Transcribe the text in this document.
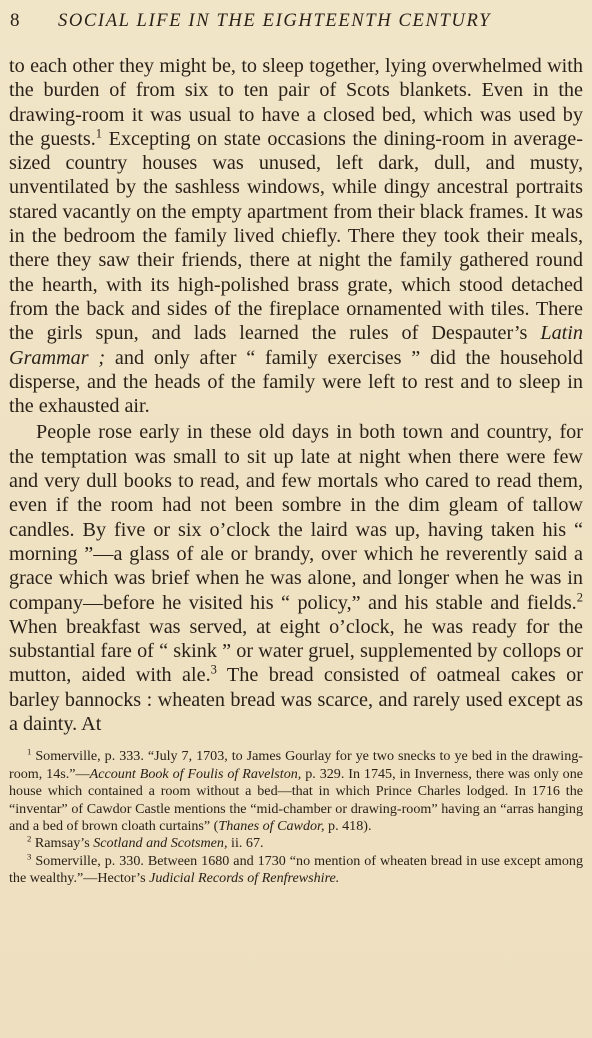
8 SOCIAL LIFE IN THE EIGHTEENTH CENTURY

to each other they might be, to sleep together, lying overwhelmed with the burden of from six to ten pair of Scots blankets. Even in the drawing-room it was usual to have a closed bed, which was used by the guests.$^1$ Excepting on state occasions the dining-room in average-sized country houses was unused, left dark, dull, and musty, unventilated by the sashless windows, while dingy ancestral portraits stared vacantly on the empty apartment from their black frames. It was in the bedroom the family lived chiefly. There they took their meals, there they saw their friends, there at night the family gathered round the hearth, with its high-polished brass grate, which stood detached from the back and sides of the fireplace ornamented with tiles. There the girls spun, and lads learned the rules of Despauter’s Latin Grammar ; and only after “ family exercises ” did the household disperse, and the heads of the family were left to rest and to sleep in the exhausted air.

People rose early in these old days in both town and country, for the temptation was small to sit up late at night when there were few and very dull books to read, and few mortals who cared to read them, even if the room had not been sombre in the dim gleam of tallow candles. By five or six o’clock the laird was up, having taken his “ morning ”—a glass of ale or brandy, over which he reverently said a grace which was brief when he was alone, and longer when he was in company—before he visited his “ policy,” and his stable and fields.$^2$ When breakfast was served, at eight o’clock, he was ready for the substantial fare of “ skink ” or water gruel, supplemented by collops or mutton, aided with ale.$^3$ The bread consisted of oatmeal cakes or barley bannocks : wheaten bread was scarce, and rarely used except as a dainty. At

$^1$ Somerville, p. 333. “July 7, 1703, to James Gourlay for ye two snecks to ye bed in the drawing-room, 14s.”—Account Book of Foulis of Ravelston, p. 329. In 1745, in Inverness, there was only one house which contained a room without a bed—that in which Prince Charles lodged. In 1716 the “inventar” of Cawdor Castle mentions the “mid-chamber or drawing-room” having an “arras hanging and a bed of brown cloath curtains” (Thanes of Cawdor, p. 418).

$^2$ Ramsay’s Scotland and Scotsmen, ii. 67.

$^3$ Somerville, p. 330. Between 1680 and 1730 “no mention of wheaten bread in use except among the wealthy.”—Hector’s Judicial Records of Renfrewshire.
